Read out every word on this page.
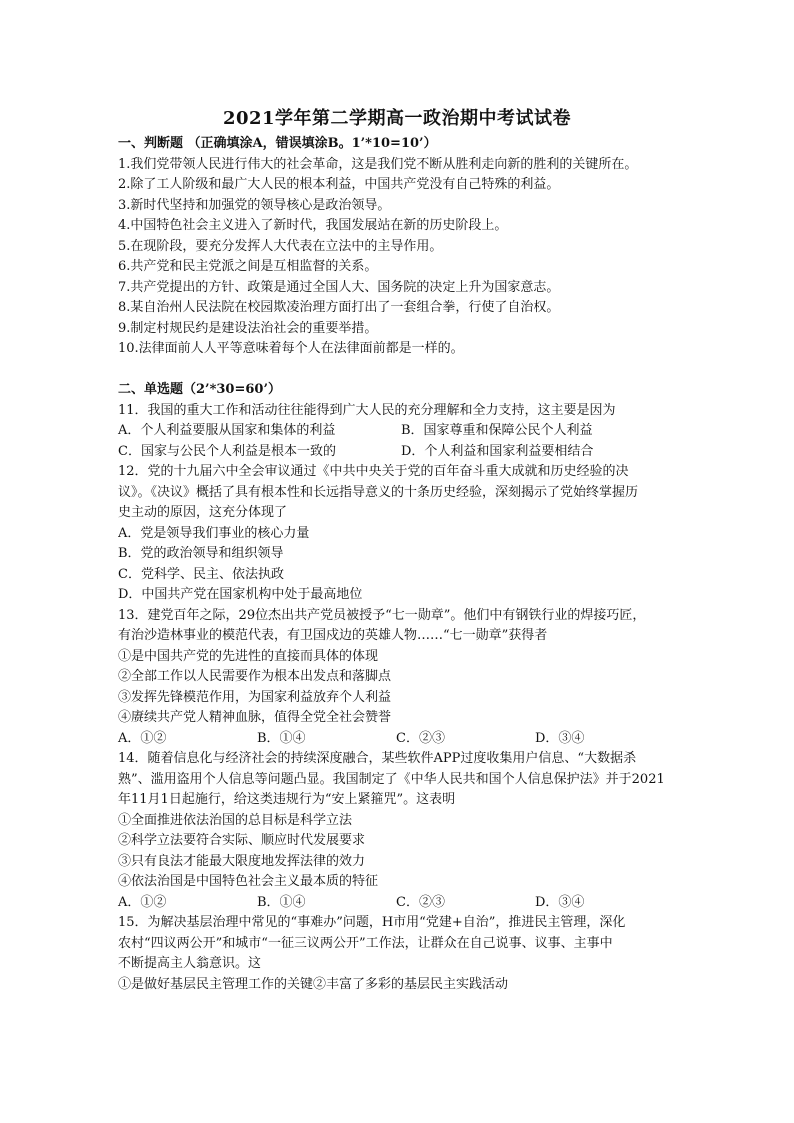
2021学年第二学期高一政治期中考试试卷
一、判断题 （正确填涂A，错误填涂B。1’*10=10’）
1.我们党带领人民进行伟大的社会革命，这是我们党不断从胜利走向新的胜利的关键所在。
2.除了工人阶级和最广大人民的根本利益，中国共产党没有自己特殊的利益。
3.新时代坚持和加强党的领导核心是政治领导。
4.中国特色社会主义进入了新时代，我国发展站在新的历史阶段上。
5.在现阶段，要充分发挥人大代表在立法中的主导作用。
6.共产党和民主党派之间是互相监督的关系。
7.共产党提出的方针、政策是通过全国人大、国务院的决定上升为国家意志。
8.某自治州人民法院在校园欺凌治理方面打出了一套组合拳，行使了自治权。
9.制定村规民约是建设法治社会的重要举措。
10.法律面前人人平等意味着每个人在法律面前都是一样的。
二、单选题（2’*30=60’）
11．我国的重大工作和活动往往能得到广大人民的充分理解和全力支持，这主要是因为
A．个人利益要服从国家和集体的利益	B．国家尊重和保障公民个人利益
C．国家与公民个人利益是根本一致的	D．个人利益和国家利益要相结合
12．党的十九届六中全会审议通过《中共中央关于党的百年奋斗重大成就和历史经验的决
议》。《决议》概括了具有根本性和长远指导意义的十条历史经验，深刻揭示了党始终掌握历
史主动的原因，这充分体现了
A．党是领导我们事业的核心力量
B．党的政治领导和组织领导
C．党科学、民主、依法执政
D．中国共产党在国家机构中处于最高地位
13．建党百年之际，29位杰出共产党员被授予“七一勋章”。他们中有钢铁行业的焊接巧匠，
有治沙造林事业的模范代表，有卫国戍边的英雄人物……“七一勋章”获得者
①是中国共产党的先进性的直接而具体的体现
②全部工作以人民需要作为根本出发点和落脚点
③发挥先锋模范作用，为国家利益放弃个人利益
④赓续共产党人精神血脉，值得全党全社会赞誉
A．①②	B．①④	C．②③	D．③④
14．随着信息化与经济社会的持续深度融合，某些软件APP过度收集用户信息、“大数据杀
熟”、滥用盗用个人信息等问题凸显。我国制定了《中华人民共和国个人信息保护法》并于2021
年11月1日起施行，给这类违规行为“安上紧箍咒”。这表明
①全面推进依法治国的总目标是科学立法
②科学立法要符合实际、顺应时代发展要求
③只有良法才能最大限度地发挥法律的效力
④依法治国是中国特色社会主义最本质的特征
A．①②	B．①④	C．②③	D．③④
15．为解决基层治理中常见的“事难办”问题，H市用“党建+自治”，推进民主管理，深化
农村“四议两公开”和城市“一征三议两公开”工作法，让群众在自己说事、议事、主事中
不断提高主人翁意识。这
①是做好基层民主管理工作的关键②丰富了多彩的基层民主实践活动
